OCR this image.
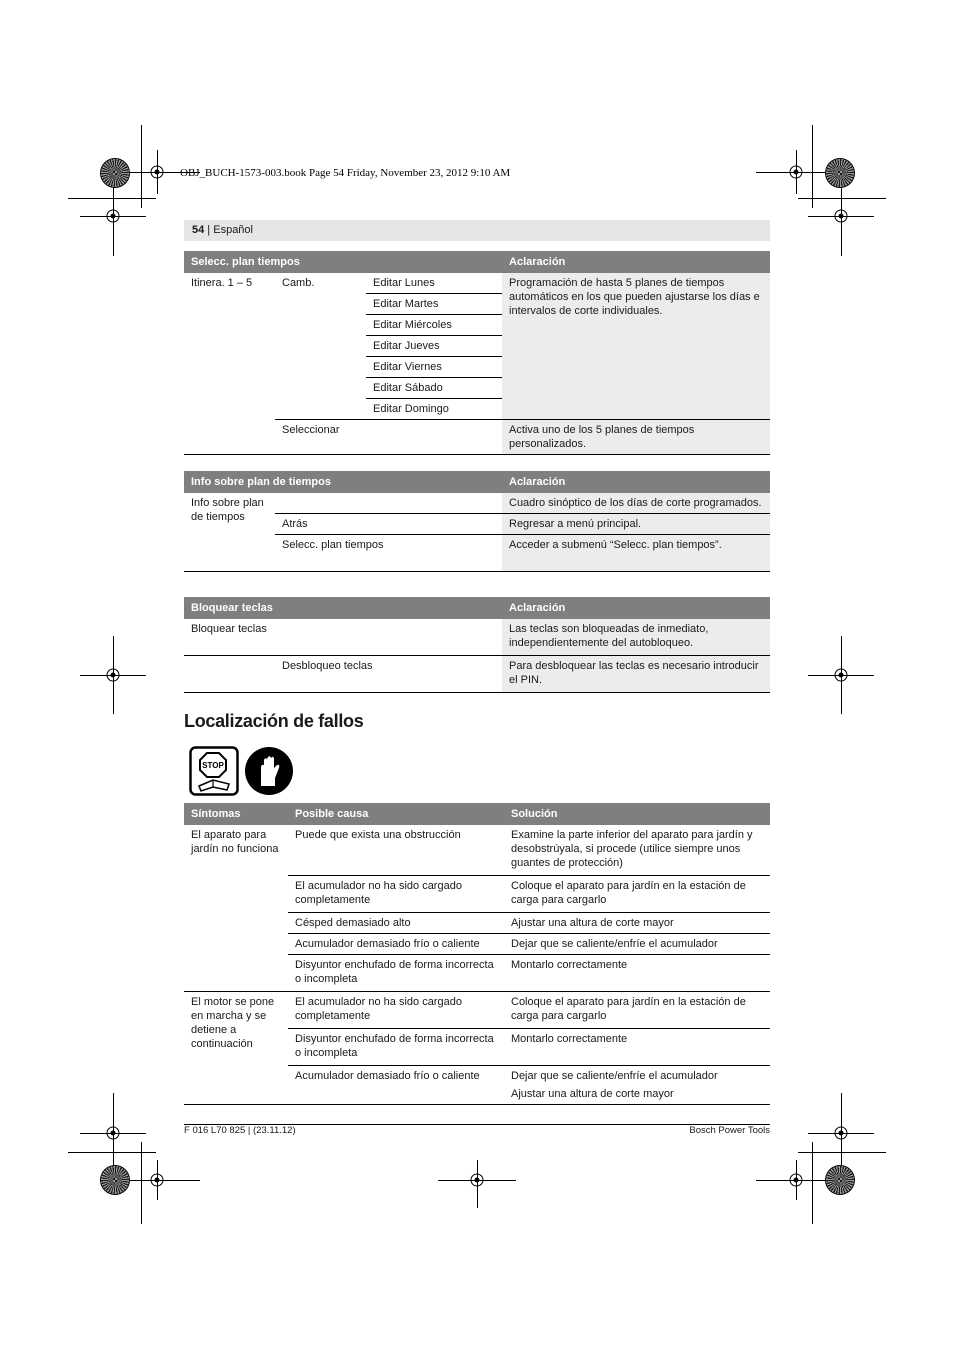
OBJ_BUCH-1573-003.book Page 54 Friday, November 23, 2012 9:10 AM
54 | Español
Selecc. plan tiempos			Aclaración
Itinera. 1 – 5	Camb.	Editar Lunes	Programación de hasta 5 planes de tiempos automáticos en los que pueden ajustarse los días e intervalos de corte individuales.
		Editar Martes	
		Editar Miércoles	
		Editar Jueves	
		Editar Viernes	
		Editar Sábado	
		Editar Domingo	
	Seleccionar		Activa uno de los 5 planes de tiempos personalizados.
Info sobre plan de tiempos		Aclaración
Info sobre plan de tiempos		Cuadro sinóptico de los días de corte programados.
	Atrás	Regresar a menú principal.
	Selecc. plan tiempos	Acceder a submenú “Selecc. plan tiempos”.
Bloquear teclas		Aclaración
Bloquear teclas		Las teclas son bloqueadas de inmediato, independientemente del autobloqueo.
	Desbloqueo teclas	Para desbloquear las teclas es necesario introducir el PIN.
Localización de fallos
STOP
Síntomas	Posible causa	Solución
El aparato para jardín no funciona	Puede que exista una obstrucción	Examine la parte inferior del aparato para jardín y desobstrúyala, si procede (utilice siempre unos guantes de protección)
	El acumulador no ha sido cargado completamente	Coloque el aparato para jardín en la estación de carga para cargarlo
	Césped demasiado alto	Ajustar una altura de corte mayor
	Acumulador demasiado frío o caliente	Dejar que se caliente/enfríe el acumulador
	Disyuntor enchufado de forma incorrecta o incompleta	Montarlo correctamente
El motor se pone en marcha y se detiene a continuación	El acumulador no ha sido cargado completamente	Coloque el aparato para jardín en la estación de carga para cargarlo
	Disyuntor enchufado de forma incorrecta o incompleta	Montarlo correctamente
	Acumulador demasiado frío o caliente	Dejar que se caliente/enfríe el acumulador
Ajustar una altura de corte mayor
F 016 L70 825 | (23.11.12)	Bosch Power Tools
